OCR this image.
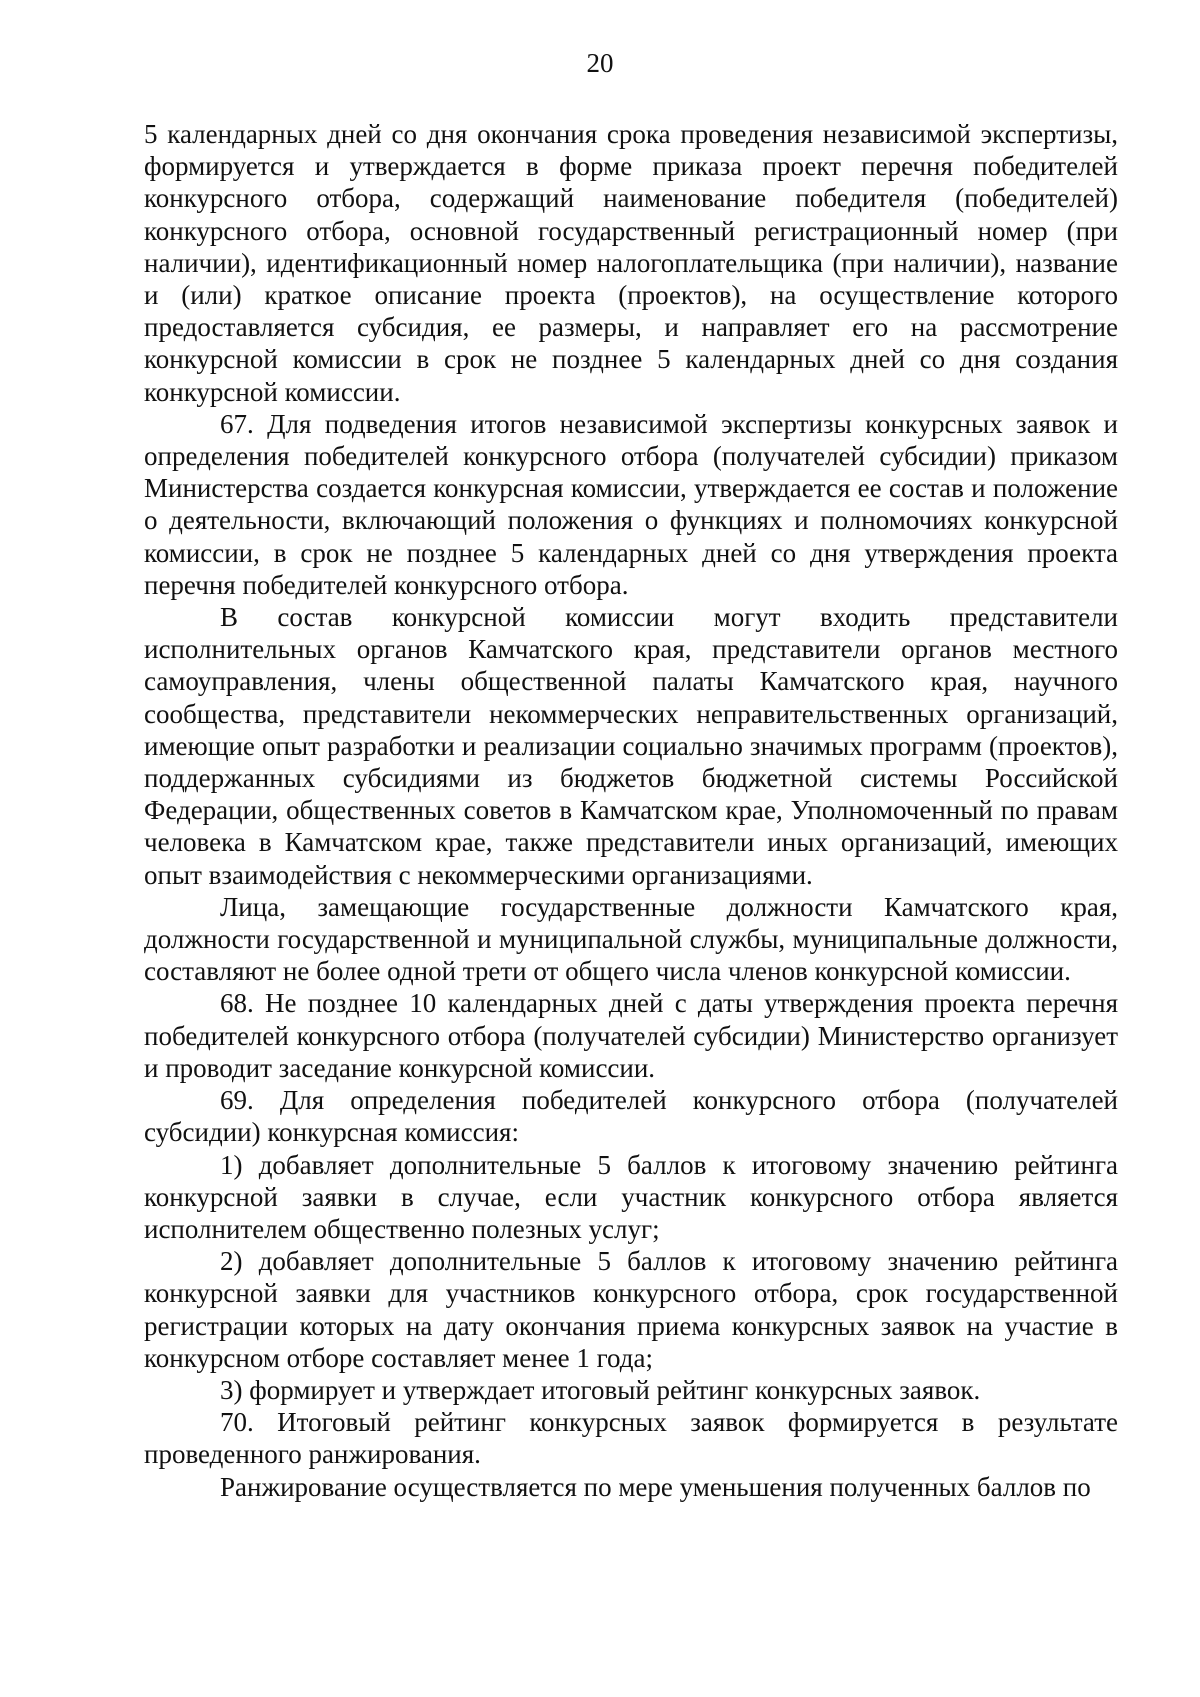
20

5 календарных дней со дня окончания срока проведения независимой экспертизы, формируется и утверждается в форме приказа проект перечня победителей конкурсного отбора, содержащий наименование победителя (победителей) конкурсного отбора, основной государственный регистрационный номер (при наличии), идентификационный номер налогоплательщика (при наличии), название и (или) краткое описание проекта (проектов), на осуществление которого предоставляется субсидия, ее размеры, и направляет его на рассмотрение конкурсной комиссии в срок не позднее 5 календарных дней со дня создания конкурсной комиссии.

67. Для подведения итогов независимой экспертизы конкурсных заявок и определения победителей конкурсного отбора (получателей субсидии) приказом Министерства создается конкурсная комиссии, утверждается ее состав и положение о деятельности, включающий положения о функциях и полномочиях конкурсной комиссии, в срок не позднее 5 календарных дней со дня утверждения проекта перечня победителей конкурсного отбора.

В состав конкурсной комиссии могут входить представители исполнительных органов Камчатского края, представители органов местного самоуправления, члены общественной палаты Камчатского края, научного сообщества, представители некоммерческих неправительственных организаций, имеющие опыт разработки и реализации социально значимых программ (проектов), поддержанных субсидиями из бюджетов бюджетной системы Российской Федерации, общественных советов в Камчатском крае, Уполномоченный по правам человека в Камчатском крае, также представители иных организаций, имеющих опыт взаимодействия с некоммерческими организациями.

Лица, замещающие государственные должности Камчатского края, должности государственной и муниципальной службы, муниципальные должности, составляют не более одной трети от общего числа членов конкурсной комиссии.

68. Не позднее 10 календарных дней с даты утверждения проекта перечня победителей конкурсного отбора (получателей субсидии) Министерство организует и проводит заседание конкурсной комиссии.

69. Для определения победителей конкурсного отбора (получателей субсидии) конкурсная комиссия:

1) добавляет дополнительные 5 баллов к итоговому значению рейтинга конкурсной заявки в случае, если участник конкурсного отбора является исполнителем общественно полезных услуг;

2) добавляет дополнительные 5 баллов к итоговому значению рейтинга конкурсной заявки для участников конкурсного отбора, срок государственной регистрации которых на дату окончания приема конкурсных заявок на участие в конкурсном отборе составляет менее 1 года;

3) формирует и утверждает итоговый рейтинг конкурсных заявок.

70. Итоговый рейтинг конкурсных заявок формируется в результате проведенного ранжирования.

Ранжирование осуществляется по мере уменьшения полученных баллов по
